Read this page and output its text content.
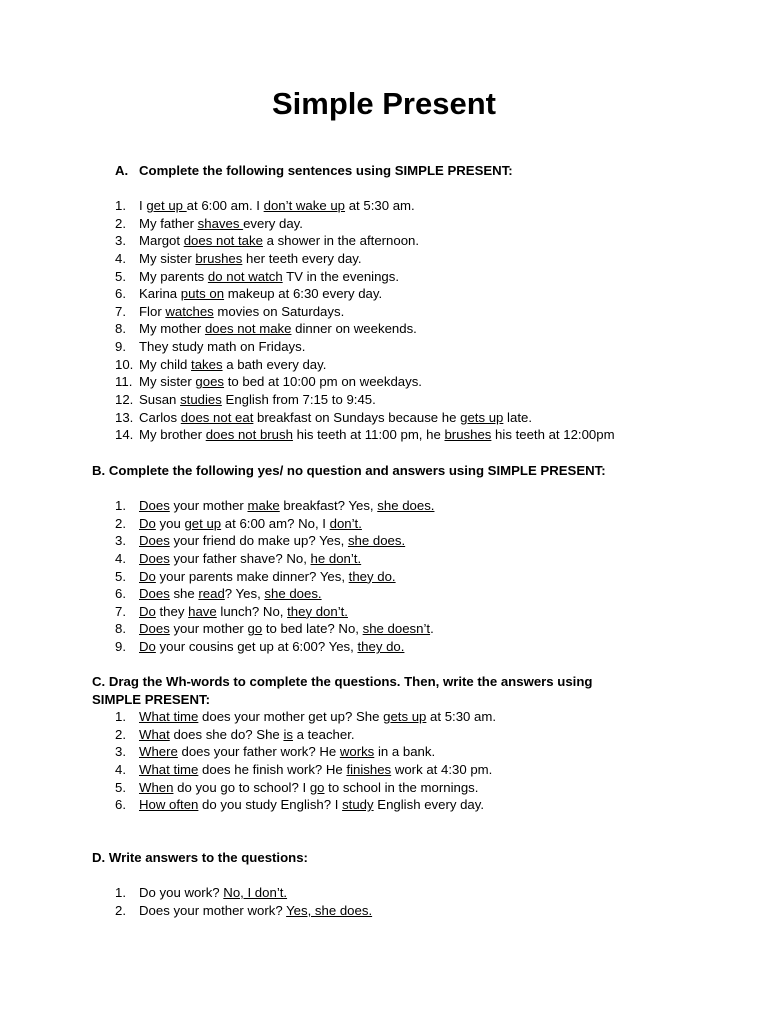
Simple Present

A. Complete the following sentences using SIMPLE PRESENT:

1. I get up at 6:00 am. I don’t wake up at 5:30 am.
2. My father shaves every day.
3. Margot does not take a shower in the afternoon.
4. My sister brushes her teeth every day.
5. My parents do not watch TV in the evenings.
6. Karina puts on makeup at 6:30 every day.
7. Flor watches movies on Saturdays.
8. My mother does not make dinner on weekends.
9. They study math on Fridays.
10. My child takes a bath every day.
11. My sister goes to bed at 10:00 pm on weekdays.
12. Susan studies English from 7:15 to 9:45.
13. Carlos does not eat breakfast on Sundays because he gets up late.
14. My brother does not brush his teeth at 11:00 pm, he brushes his teeth at 12:00pm

B. Complete the following yes/ no question and answers using SIMPLE PRESENT:

1. Does your mother make breakfast? Yes, she does.
2. Do you get up at 6:00 am? No, I don’t.
3. Does your friend do make up? Yes, she does.
4. Does your father shave? No, he don’t.
5. Do your parents make dinner? Yes, they do.
6. Does she read? Yes, she does.
7. Do they have lunch? No, they don’t.
8. Does your mother go to bed late? No, she doesn’t.
9. Do your cousins get up at 6:00? Yes, they do.

C. Drag the Wh-words to complete the questions. Then, write the answers using
SIMPLE PRESENT:

1. What time does your mother get up? She gets up at 5:30 am.
2. What does she do? She is a teacher.
3. Where does your father work? He works in a bank.
4. What time does he finish work? He finishes work at 4:30 pm.
5. When do you go to school? I go to school in the mornings.
6. How often do you study English? I study English every day.

D. Write answers to the questions:

1. Do you work? No, I don’t.
2. Does your mother work? Yes, she does.
